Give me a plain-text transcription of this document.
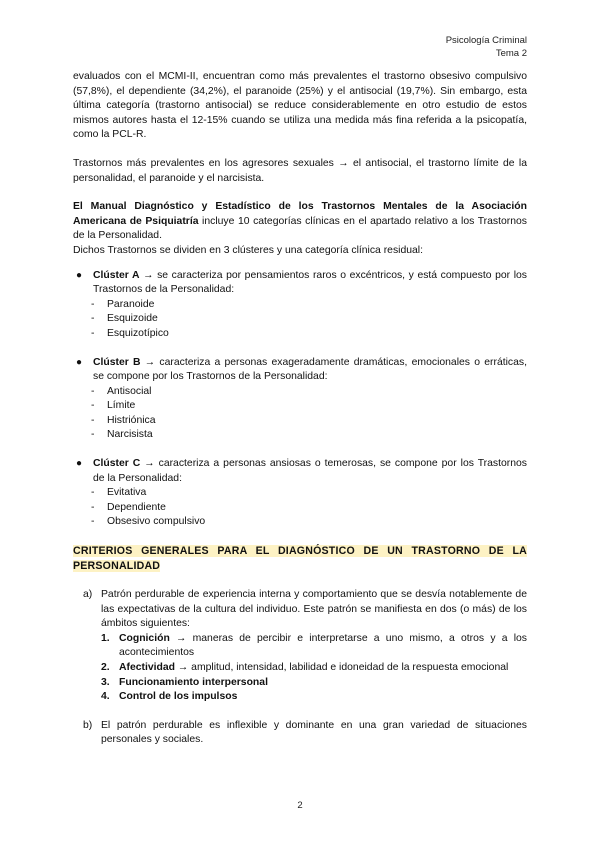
Psicología Criminal
Tema 2

evaluados con el MCMI-II, encuentran como más prevalentes el trastorno obsesivo compulsivo (57,8%), el dependiente (34,2%), el paranoide (25%) y el antisocial (19,7%). Sin embargo, esta última categoría (trastorno antisocial) se reduce considerablemente en otro estudio de estos mismos autores hasta el 12-15% cuando se utiliza una medida más fina referida a la psicopatía, como la PCL-R.

Trastornos más prevalentes en los agresores sexuales → el antisocial, el trastorno límite de la personalidad, el paranoide y el narcisista.

El Manual Diagnóstico y Estadístico de los Trastornos Mentales de la Asociación Americana de Psiquiatría incluye 10 categorías clínicas en el apartado relativo a los Trastornos de la Personalidad.

Dichos Trastornos se dividen en 3 clústeres y una categoría clínica residual:

● Clúster A → se caracteriza por pensamientos raros o excéntricos, y está compuesto por los Trastornos de la Personalidad:

- Paranoide
- Esquizoide
- Esquizotípico

● Clúster B → caracteriza a personas exageradamente dramáticas, emocionales o erráticas, se compone por los Trastornos de la Personalidad:

- Antisocial
- Límite
- Histriónica
- Narcisista

● Clúster C → caracteriza a personas ansiosas o temerosas, se compone por los Trastornos de la Personalidad:

- Evitativa
- Dependiente
- Obsesivo compulsivo

CRITERIOS GENERALES PARA EL DIAGNÓSTICO DE UN TRASTORNO DE LA PERSONALIDAD

a) Patrón perdurable de experiencia interna y comportamiento que se desvía notablemente de las expectativas de la cultura del individuo. Este patrón se manifiesta en dos (o más) de los ámbitos siguientes:

1. Cognición → maneras de percibir e interpretarse a uno mismo, a otros y a los acontecimientos
2. Afectividad → amplitud, intensidad, labilidad e idoneidad de la respuesta emocional
3. Funcionamiento interpersonal
4. Control de los impulsos

b) El patrón perdurable es inflexible y dominante en una gran variedad de situaciones personales y sociales.

2
